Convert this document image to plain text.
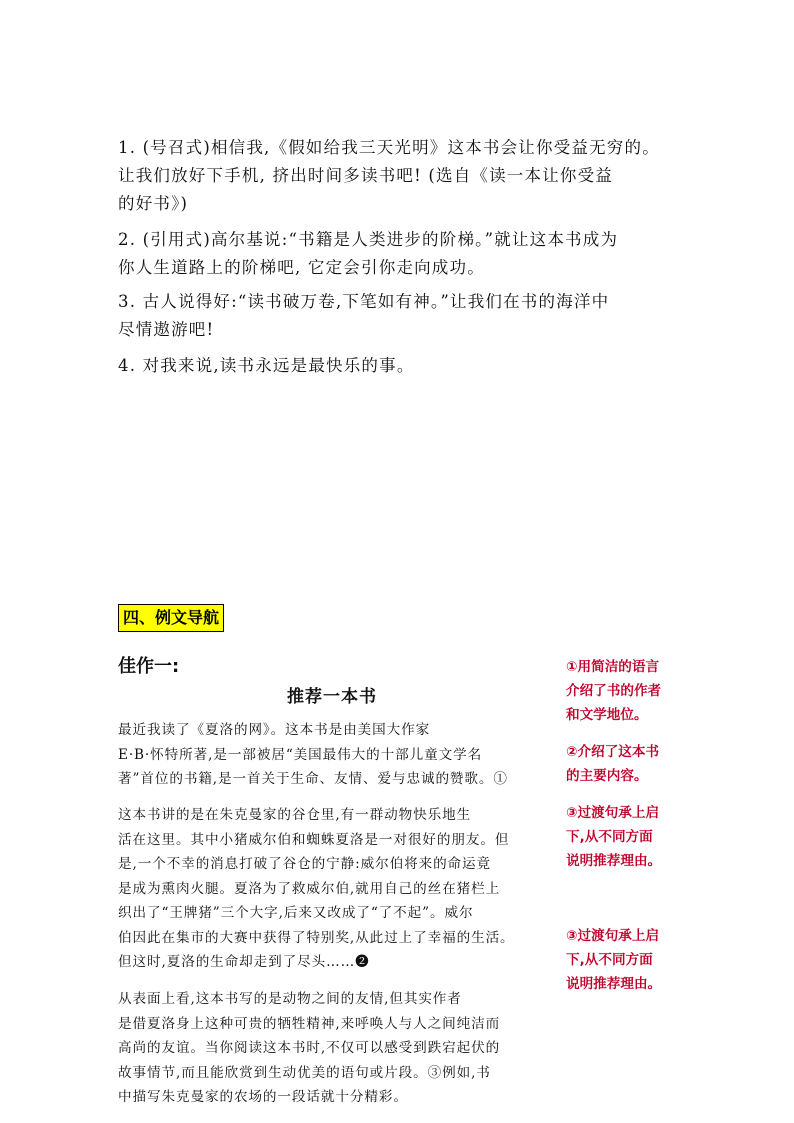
1. (号召式)相信我,《假如给我三天光明》这本书会让你受益无穷的。
让我们放好下手机, 挤出时间多读书吧! (选自《读一本让你受益
的好书》)

2. (引用式)高尔基说:“书籍是人类进步的阶梯。”就让这本书成为
你人生道路上的阶梯吧, 它定会引你走向成功。

3. 古人说得好:“读书破万卷,下笔如有神。”让我们在书的海洋中
尽情遨游吧!

4. 对我来说,读书永远是最快乐的事。

四、例文导航
佳作一:
推荐一本书

最近我读了《夏洛的网》。这本书是由美国大作家
E·B·怀特所著,是一部被居“美国最伟大的十部儿童文学名
著”首位的书籍,是一首关于生命、友情、爱与忠诚的赞歌。①

这本书讲的是在朱克曼家的谷仓里,有一群动物快乐地生
活在这里。其中小猪威尔伯和蜘蛛夏洛是一对很好的朋友。但
是,一个不幸的消息打破了谷仓的宁静:威尔伯将来的命运竟
是成为熏肉火腿。夏洛为了救威尔伯,就用自己的丝在猪栏上
织出了“王牌猪”三个大字,后来又改成了“了不起”。威尔
伯因此在集市的大赛中获得了特别奖,从此过上了幸福的生活。
但这时,夏洛的生命却走到了尽头……❷

从表面上看,这本书写的是动物之间的友情,但其实作者
是借夏洛身上这种可贵的牺牲精神,来呼唤人与人之间纯洁而
高尚的友谊。当你阅读这本书时,不仅可以感受到跌宕起伏的
故事情节,而且能欣赏到生动优美的语句或片段。③例如,书
中描写朱克曼家的农场的一段话就十分精彩。

①用简洁的语言
介绍了书的作者
和文学地位。

②介绍了这本书
的主要内容。

③过渡句承上启
下,从不同方面
说明推荐理由。

③过渡句承上启
下,从不同方面
说明推荐理由。
